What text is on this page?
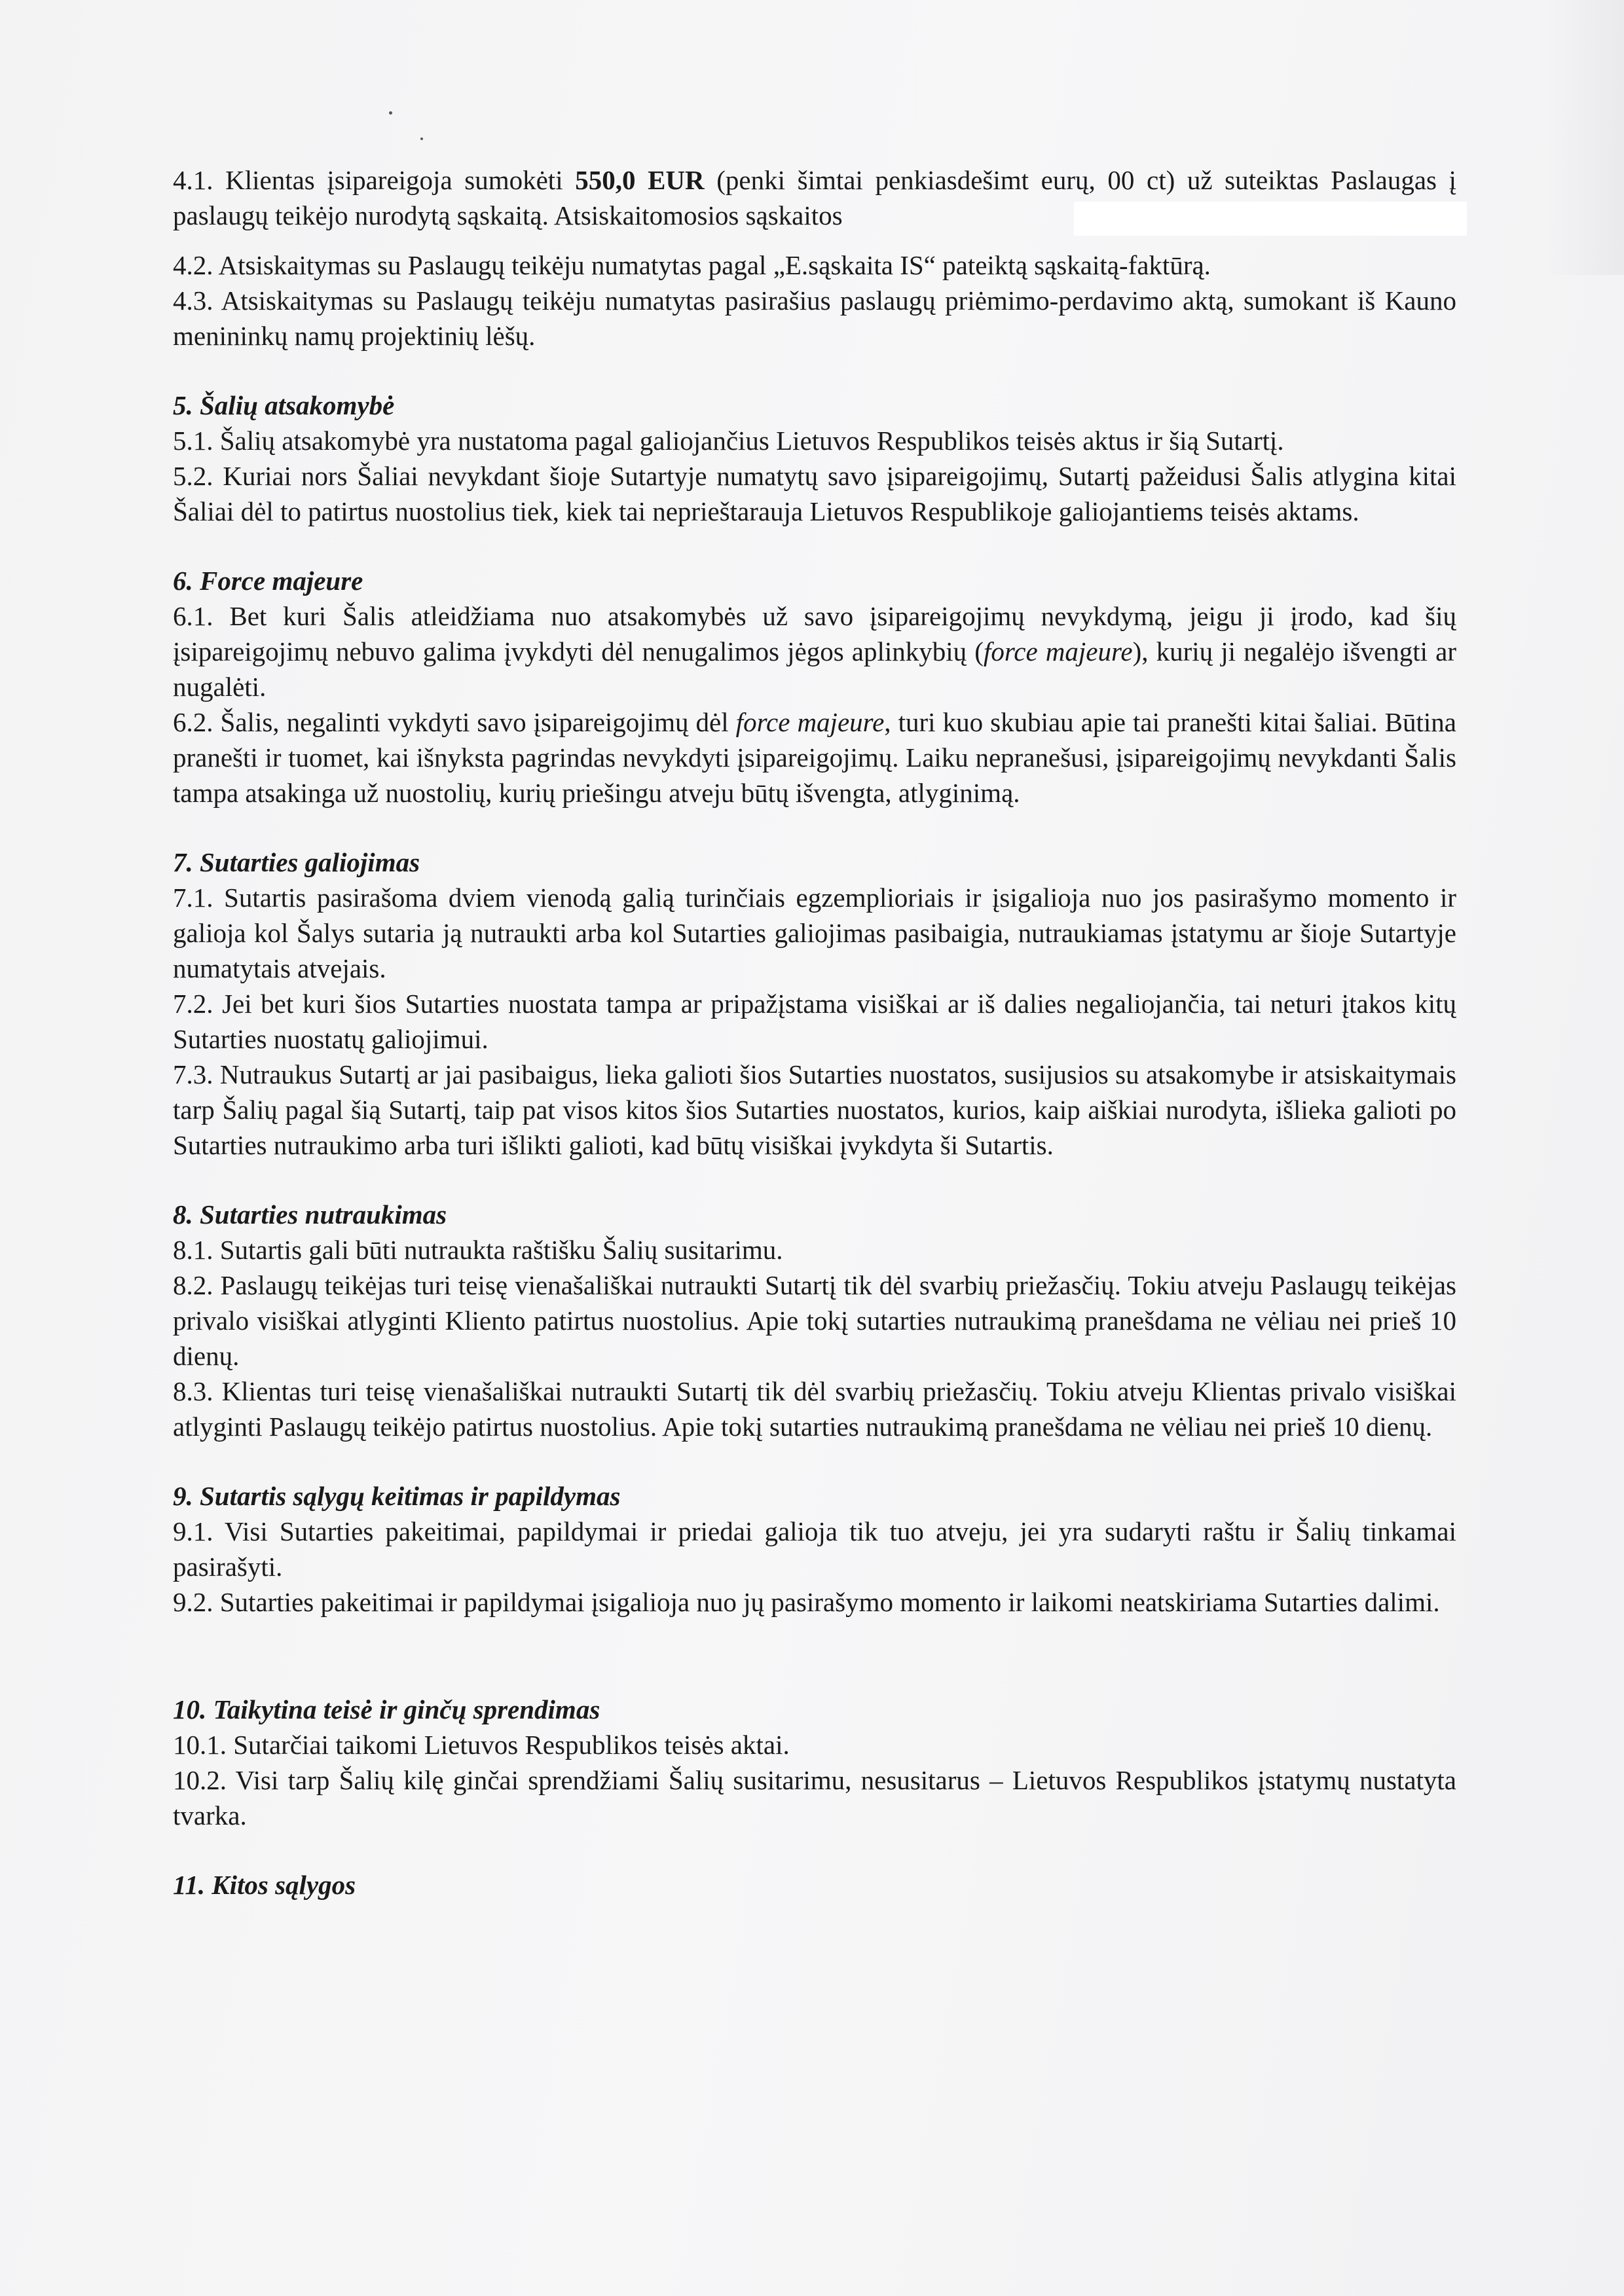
4.1. Klientas įsipareigoja sumokėti 550,0 EUR (penki šimtai penkiasdešimt eurų, 00 ct) už suteiktas Paslaugas į paslaugų teikėjo nurodytą sąskaitą. Atsiskaitomosios sąskaitos

4.2. Atsiskaitymas su Paslaugų teikėju numatytas pagal „E.sąskaita IS“ pateiktą sąskaitą-faktūrą.

4.3. Atsiskaitymas su Paslaugų teikėju numatytas pasirašius paslaugų priėmimo-perdavimo aktą, sumokant iš Kauno menininkų namų projektinių lėšų.

5. Šalių atsakomybė

5.1. Šalių atsakomybė yra nustatoma pagal galiojančius Lietuvos Respublikos teisės aktus ir šią Sutartį.

5.2. Kuriai nors Šaliai nevykdant šioje Sutartyje numatytų savo įsipareigojimų, Sutartį pažeidusi Šalis atlygina kitai Šaliai dėl to patirtus nuostolius tiek, kiek tai neprieštarauja Lietuvos Respublikoje galiojantiems teisės aktams.

6. Force majeure

6.1. Bet kuri Šalis atleidžiama nuo atsakomybės už savo įsipareigojimų nevykdymą, jeigu ji įrodo, kad šių įsipareigojimų nebuvo galima įvykdyti dėl nenugalimos jėgos aplinkybių (force majeure), kurių ji negalėjo išvengti ar nugalėti.

6.2. Šalis, negalinti vykdyti savo įsipareigojimų dėl force majeure, turi kuo skubiau apie tai pranešti kitai šaliai. Būtina pranešti ir tuomet, kai išnyksta pagrindas nevykdyti įsipareigojimų. Laiku nepranešusi, įsipareigojimų nevykdanti Šalis tampa atsakinga už nuostolių, kurių priešingu atveju būtų išvengta, atlyginimą.

7. Sutarties galiojimas

7.1. Sutartis pasirašoma dviem vienodą galią turinčiais egzemplioriais ir įsigalioja nuo jos pasirašymo momento ir galioja kol Šalys sutaria ją nutraukti arba kol Sutarties galiojimas pasibaigia, nutraukiamas įstatymu ar šioje Sutartyje numatytais atvejais.

7.2. Jei bet kuri šios Sutarties nuostata tampa ar pripažįstama visiškai ar iš dalies negaliojančia, tai neturi įtakos kitų Sutarties nuostatų galiojimui.

7.3. Nutraukus Sutartį ar jai pasibaigus, lieka galioti šios Sutarties nuostatos, susijusios su atsakomybe ir atsiskaitymais tarp Šalių pagal šią Sutartį, taip pat visos kitos šios Sutarties nuostatos, kurios, kaip aiškiai nurodyta, išlieka galioti po Sutarties nutraukimo arba turi išlikti galioti, kad būtų visiškai įvykdyta ši Sutartis.

8. Sutarties nutraukimas

8.1. Sutartis gali būti nutraukta raštišku Šalių susitarimu.

8.2. Paslaugų teikėjas turi teisę vienašališkai nutraukti Sutartį tik dėl svarbių priežasčių. Tokiu atveju Paslaugų teikėjas privalo visiškai atlyginti Kliento patirtus nuostolius. Apie tokį sutarties nutraukimą pranešdama ne vėliau nei prieš 10 dienų.

8.3. Klientas turi teisę vienašališkai nutraukti Sutartį tik dėl svarbių priežasčių. Tokiu atveju Klientas privalo visiškai atlyginti Paslaugų teikėjo patirtus nuostolius. Apie tokį sutarties nutraukimą pranešdama ne vėliau nei prieš 10 dienų.

9. Sutartis sąlygų keitimas ir papildymas

9.1. Visi Sutarties pakeitimai, papildymai ir priedai galioja tik tuo atveju, jei yra sudaryti raštu ir Šalių tinkamai pasirašyti.

9.2. Sutarties pakeitimai ir papildymai įsigalioja nuo jų pasirašymo momento ir laikomi neatskiriama Sutarties dalimi.

10. Taikytina teisė ir ginčų sprendimas

10.1. Sutarčiai taikomi Lietuvos Respublikos teisės aktai.

10.2. Visi tarp Šalių kilę ginčai sprendžiami Šalių susitarimu, nesusitarus – Lietuvos Respublikos įstatymų nustatyta tvarka.

11. Kitos sąlygos
